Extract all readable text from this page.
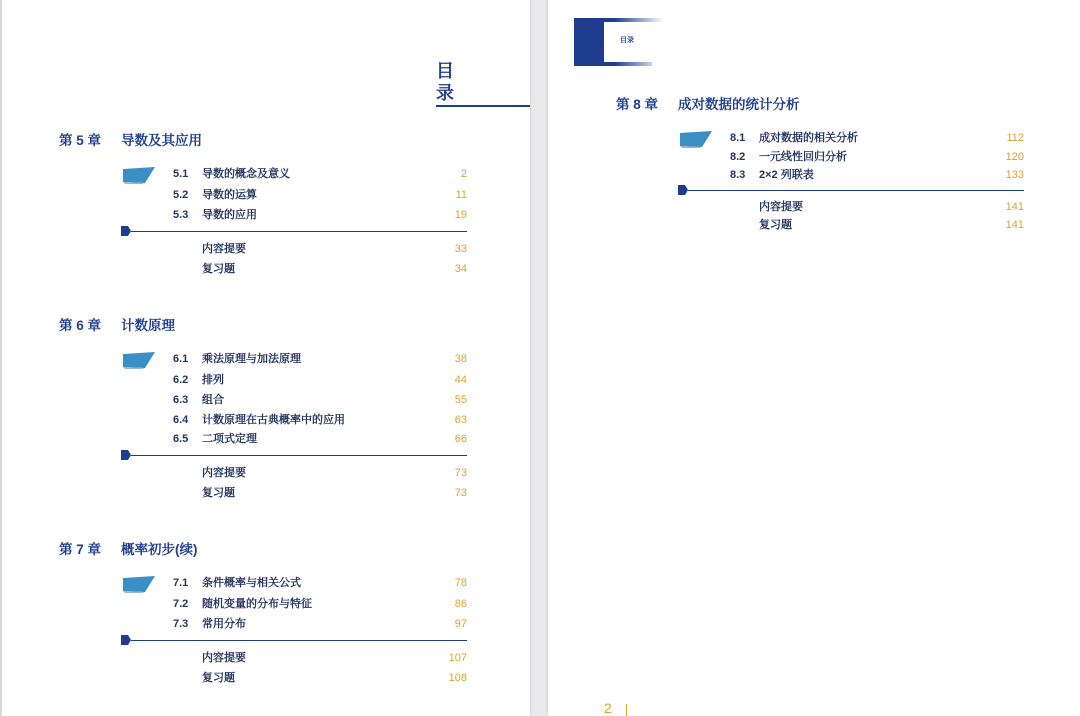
目 录
第 5 章 导数及其应用
5.1 导数的概念及意义	2
5.2 导数的运算	11
5.3 导数的应用	19
内容提要	33
复习题	34
第 6 章 计数原理
6.1 乘法原理与加法原理	38
6.2 排列	44
6.3 组合	55
6.4 计数原理在古典概率中的应用	63
6.5 二项式定理	66
内容提要	73
复习题	73
第 7 章 概率初步(续)
7.1 条件概率与相关公式	78
7.2 随机变量的分布与特征	86
7.3 常用分布	97
内容提要	107
复习题	108
目录
第 8 章 成对数据的统计分析
8.1 成对数据的相关分析	112
8.2 一元线性回归分析	120
8.3 2×2 列联表	133
内容提要	141
复习题	141
2
